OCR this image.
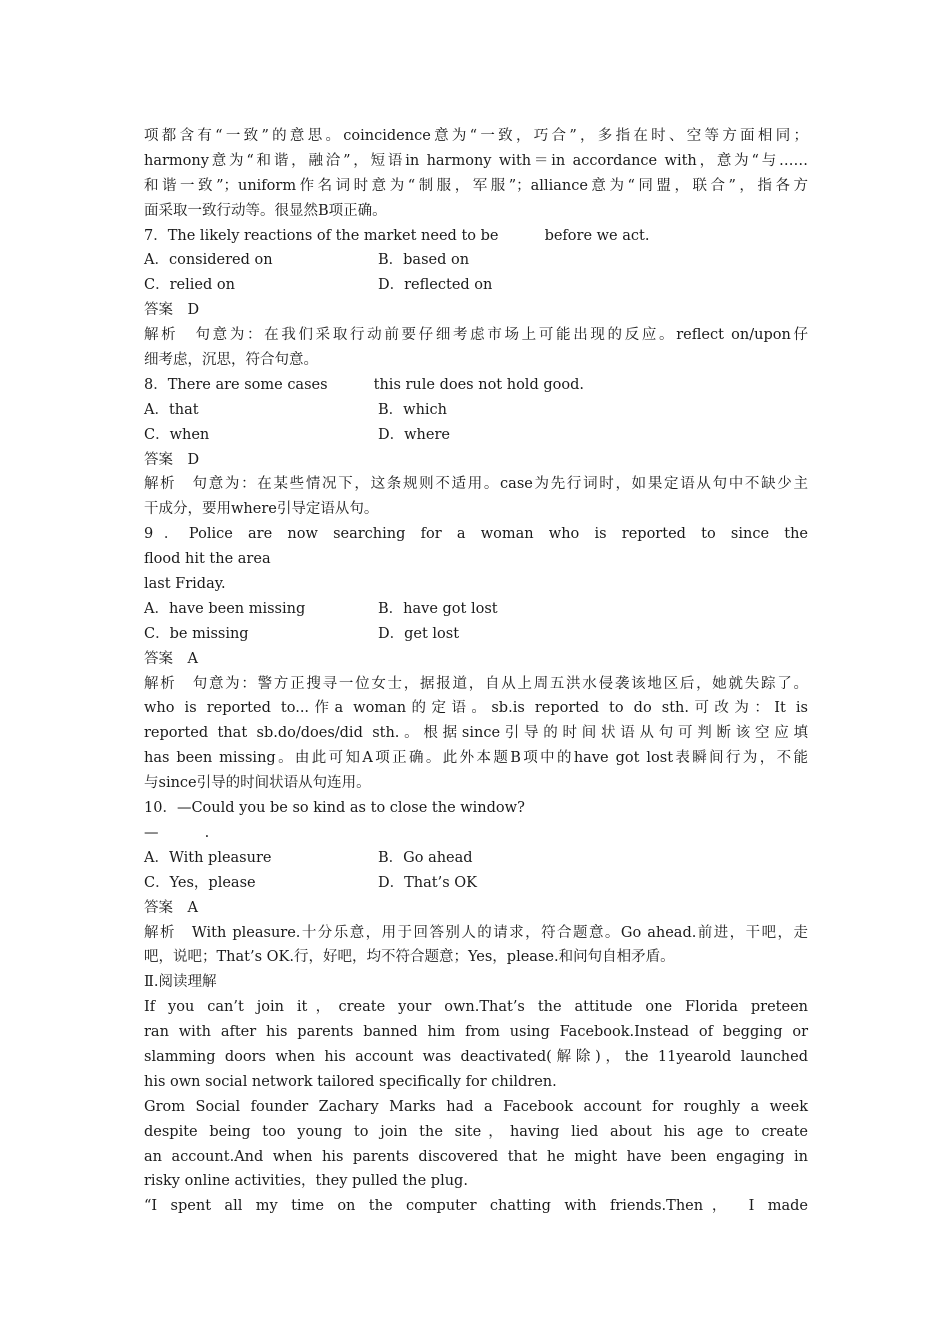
项都含有“一致”的意思。coincidence意为“一致，巧合”，多指在时、空等方面相同；
harmony意为“和谐，融洽”，短语in harmony with＝in accordance with，意为“与……
和谐一致”；uniform作名词时意为“制服，军服”；alliance意为“同盟，联合”，指各方
面采取一致行动等。很显然B项正确。
7．The likely reactions of the market need to be          before we act.
A．considered on	B．based on
C．relied on	D．reflected on
答案　D
解析　句意为：在我们采取行动前要仔细考虑市场上可能出现的反应。reflect on/upon仔
细考虑，沉思，符合句意。
8．There are some cases          this rule does not hold good.
A．that	B．which
C．when	D．where
答案　D
解析　句意为：在某些情况下，这条规则不适用。case为先行词时，如果定语从句中不缺少主
干成分，要用where引导定语从句。
9．Police are now searching for a woman who is reported to since the
flood hit the area
last Friday.
A．have been missing	B．have got lost
C．be missing	D．get lost
答案　A
解析　句意为：警方正搜寻一位女士，据报道，自从上周五洪水侵袭该地区后，她就失踪了。
who is reported to...作a woman的定语。sb.is reported to do sth.可改为：It is
reported that sb.do/does/did sth.。根据since引导的时间状语从句可判断该空应填
has been missing。由此可知A项正确。此外本题B项中的have got lost表瞬间行为，不能
与since引导的时间状语从句连用。
10．—Could you be so kind as to close the window?
—          .
A．With pleasure	B．Go ahead
C．Yes，please	D．That’s OK
答案　A
解析　With pleasure.十分乐意，用于回答别人的请求，符合题意。Go ahead.前进，干吧，走
吧，说吧；That’s OK.行，好吧，均不符合题意；Yes，please.和问句自相矛盾。
Ⅱ.阅读理解
If you can’t join it，create your own.That’s the attitude one Florida preteen
ran with after his parents banned him from using Facebook.Instead of begging or
slamming doors when his account was deactivated(解除)，the 11yearold launched
his own social network tailored specifically for children.
Grom Social founder Zachary Marks had a Facebook account for roughly a week
despite being too young to join the site，having lied about his age to create
an account.And when his parents discovered that he might have been engaging in
risky online activities，they pulled the plug.
“I spent all my time on the computer chatting with friends.Then， I made
